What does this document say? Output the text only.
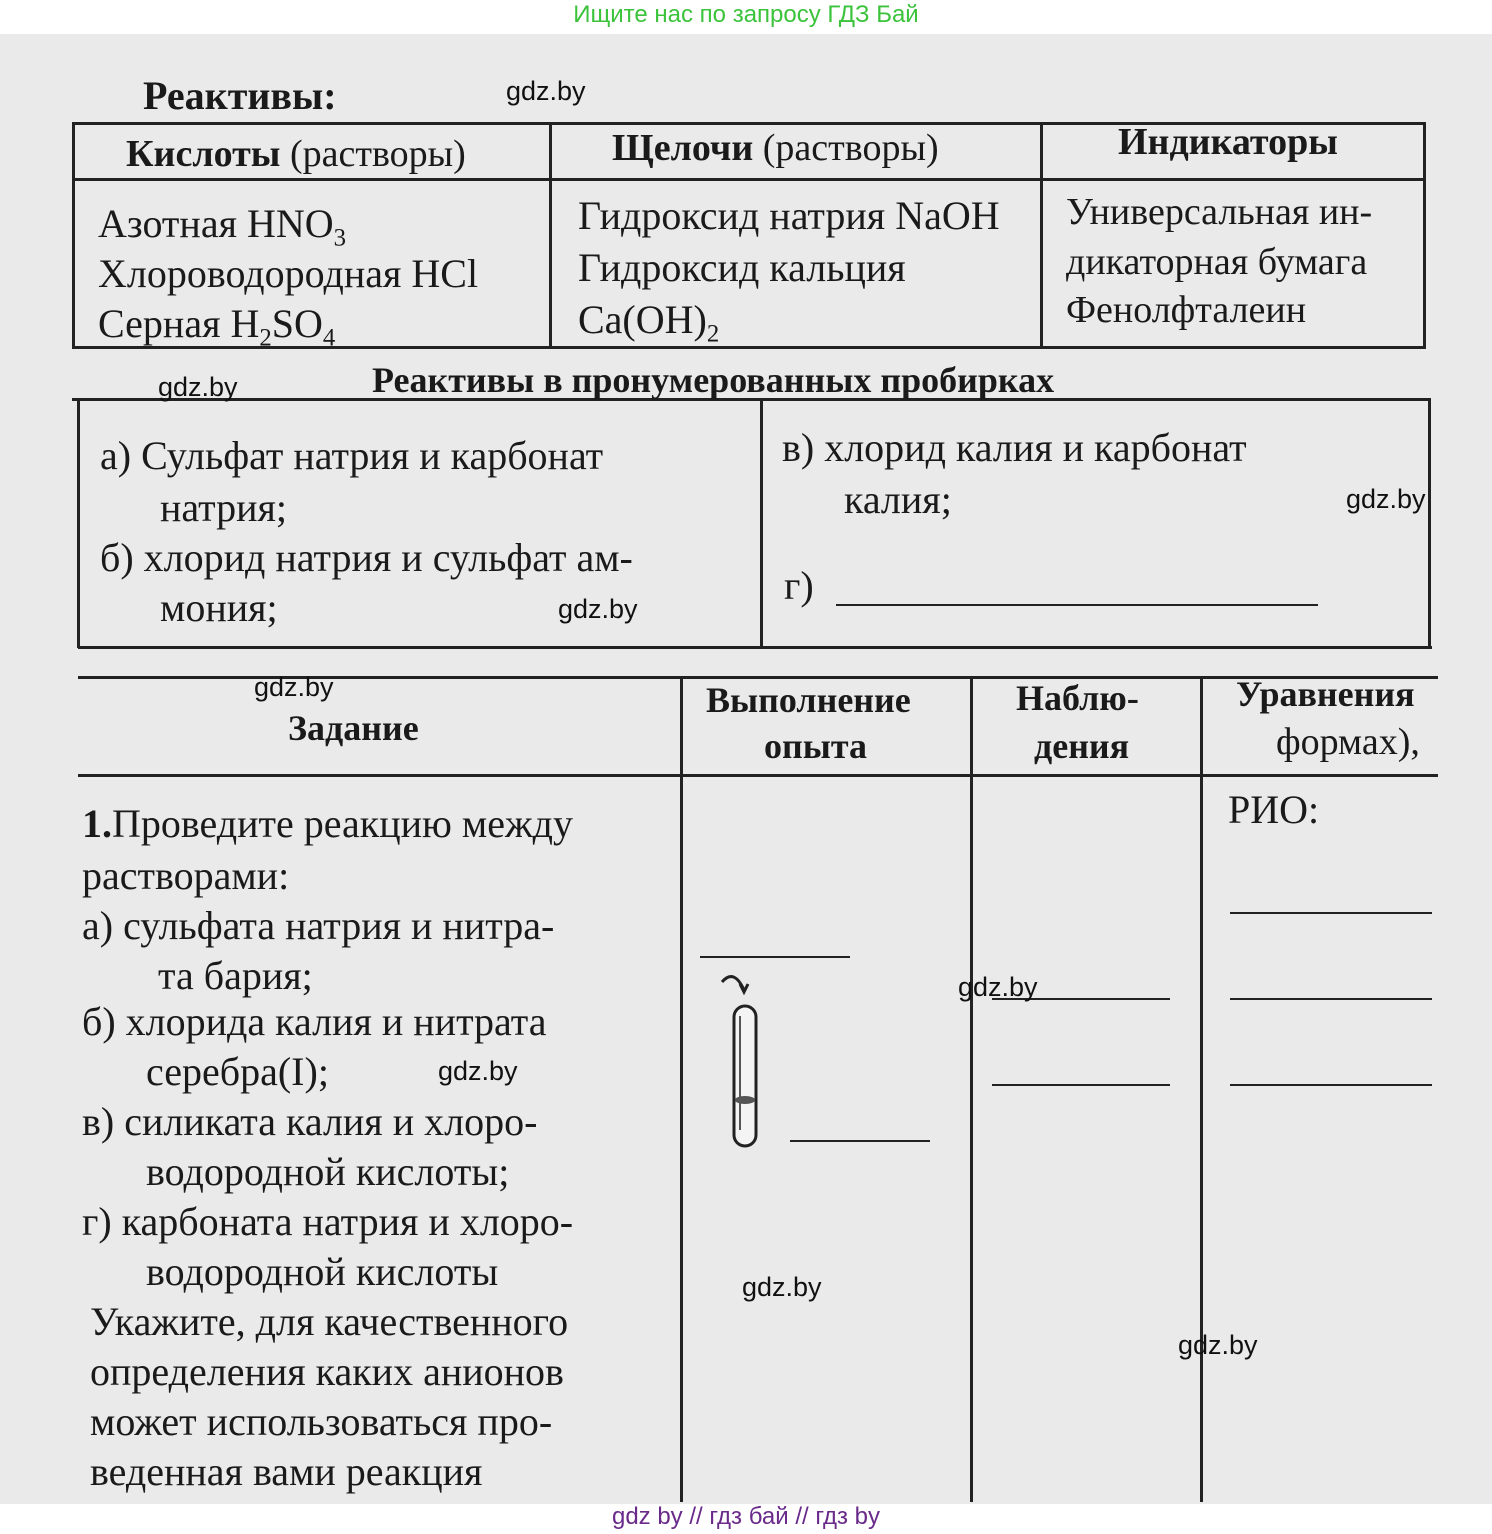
Ищите нас по запросу ГДЗ Бай
Реактивы:
Кислоты (растворы)	Щелочи (растворы)	Индикаторы
Азотная $HNO_3$
Хлороводородная HCl
Серная $H_2SO_4$
Гидроксид натрия NaOH
Гидроксид кальция
$Ca(OH)_2$
Универсальная ин-
дикаторная бумага
Фенолфталеин
Реактивы в пронумерованных пробирках
а) Сульфат натрия и карбонат
натрия;
б) хлорид натрия и сульфат ам-
мония;
в) хлорид калия и карбонат
калия;
г)
Задание
Выполнение
опыта
Наблю-
дения
Уравнения
формах),
РИО:
1.Проведите реакцию между
растворами:
а) сульфата натрия и нитра-
та бария;
б) хлорида калия и нитрата
серебра(I);
в) силиката калия и хлоро-
водородной кислоты;
г) карбоната натрия и хлоро-
водородной кислоты
Укажите, для качественного
определения каких анионов
может использоваться про-
веденная вами реакция
gdz.by
gdz.by
gdz.by
gdz.by
gdz.by
gdz.by
gdz.by
gdz.by
gdz.by
gdz by // гдз бай // гдз by
